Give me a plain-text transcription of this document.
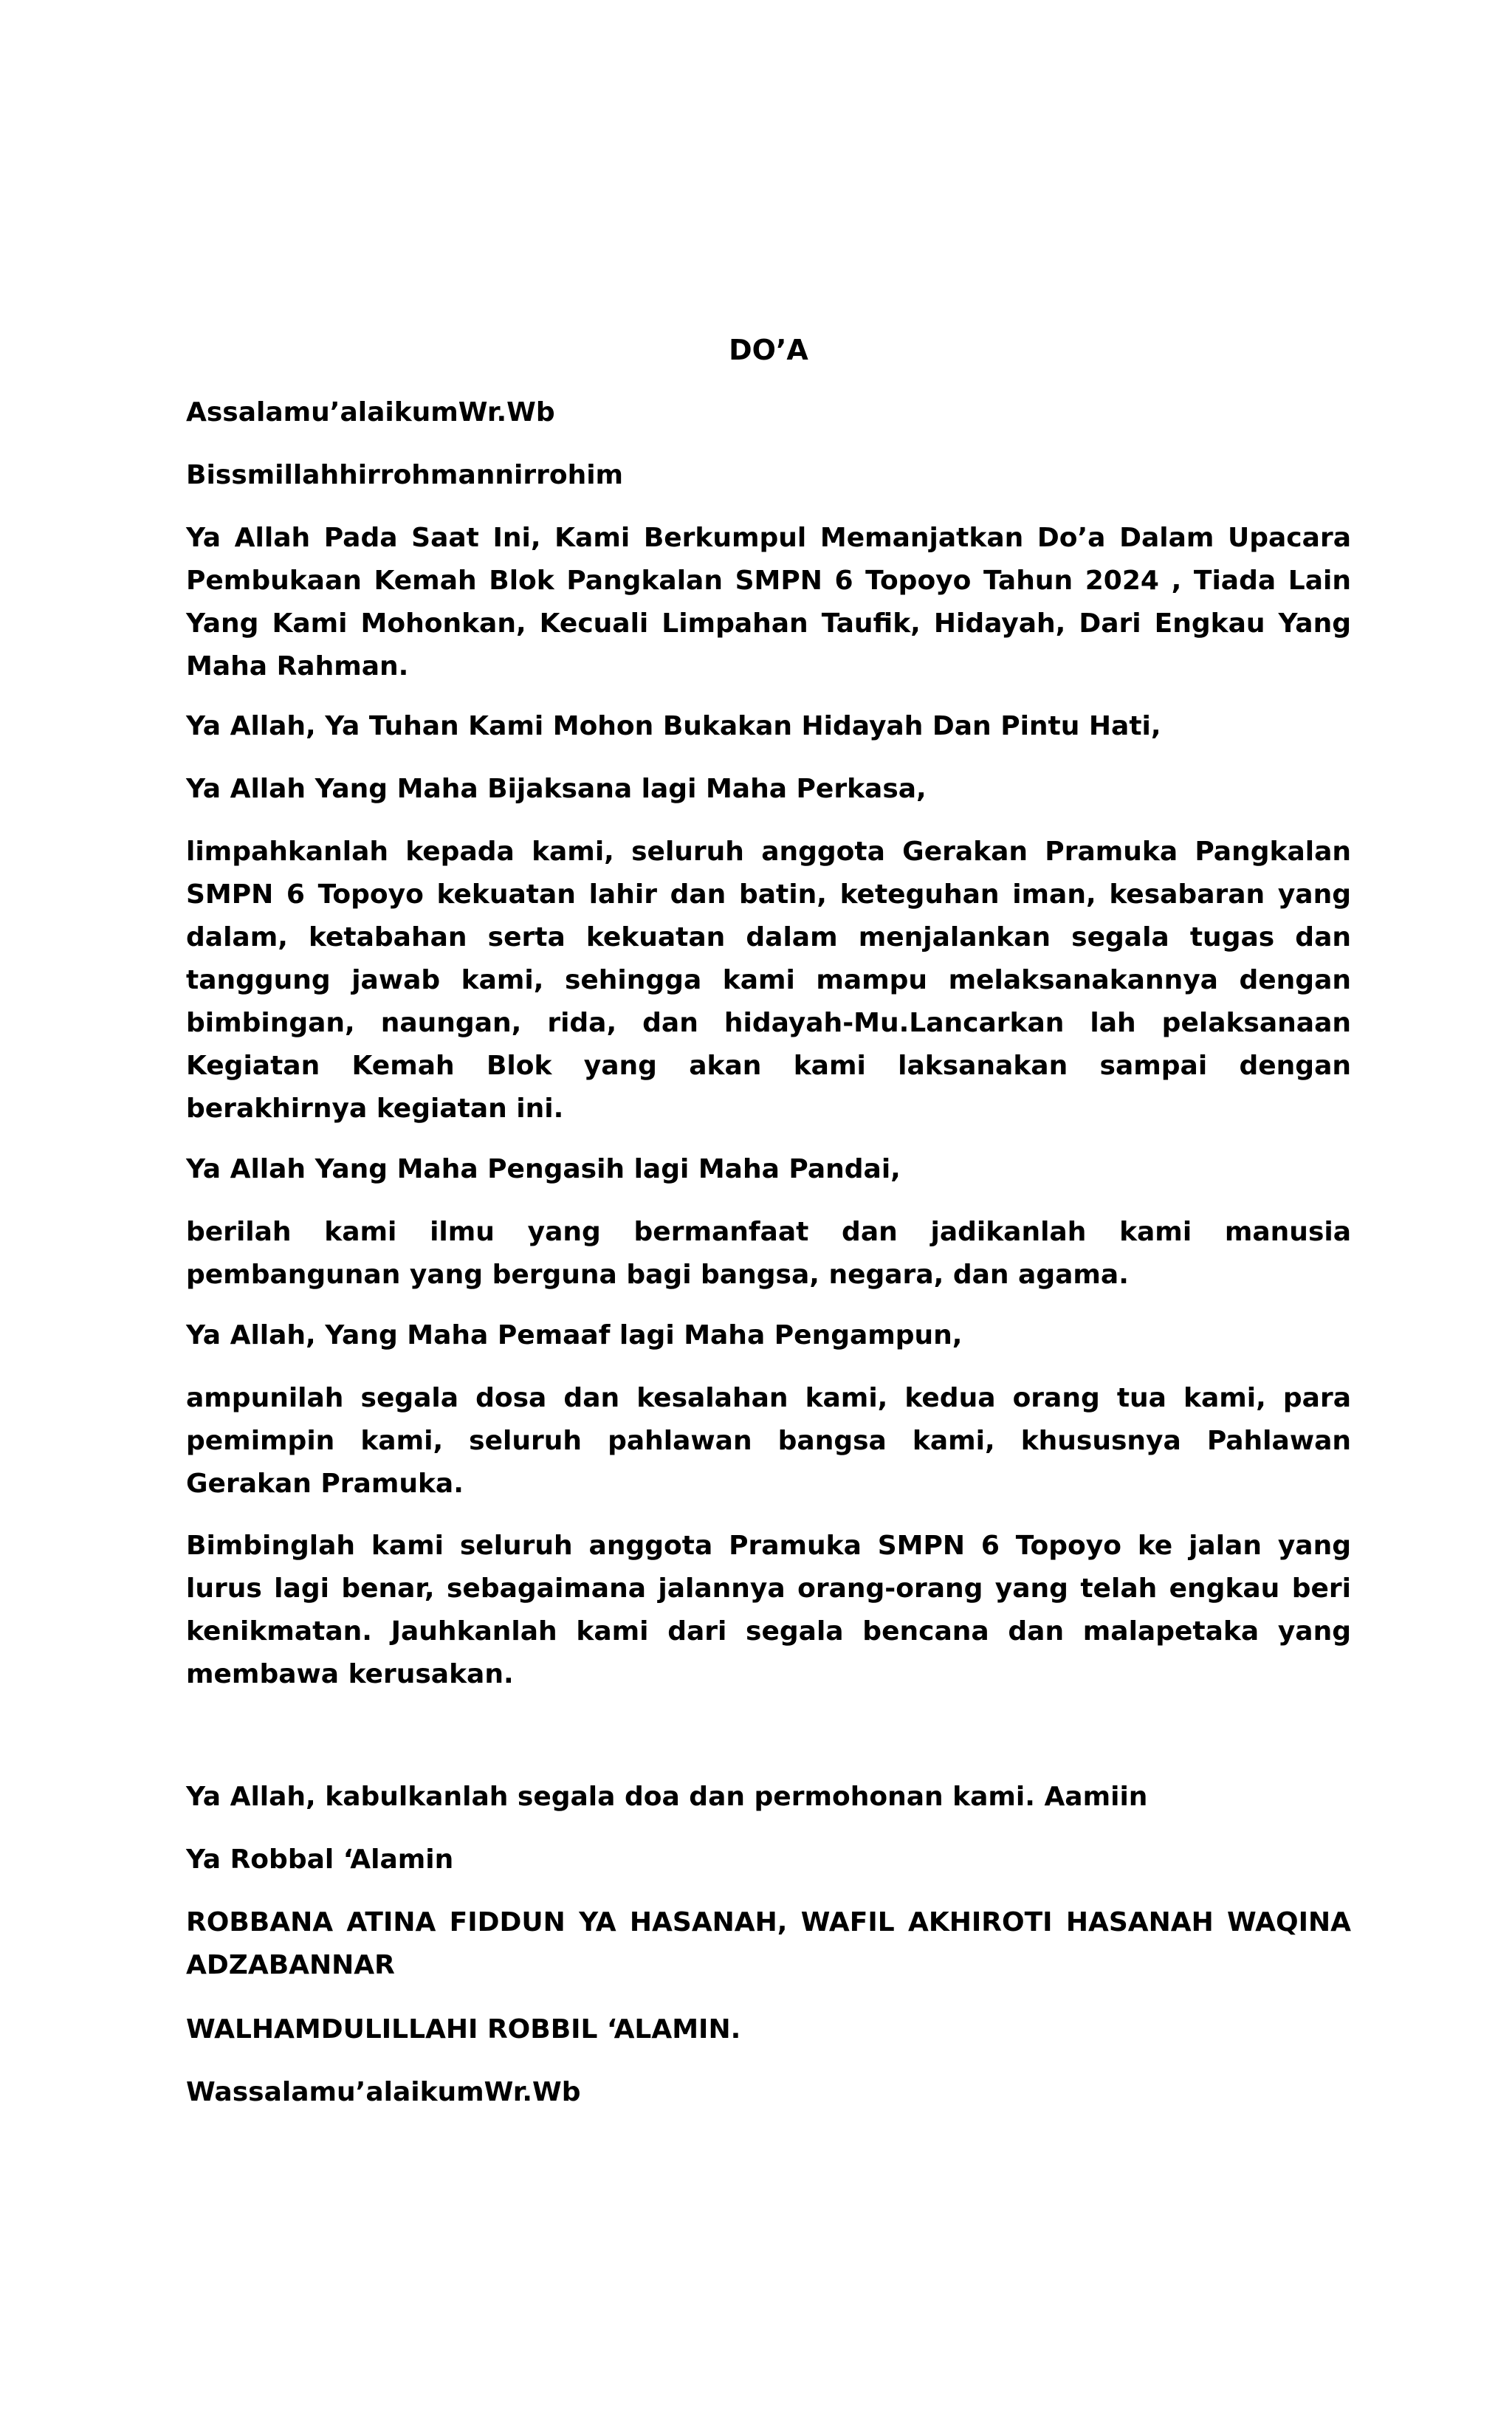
DO’A

Assalamu’alaikumWr.Wb

Bissmillahhirrohmannirrohim

Ya Allah Pada Saat Ini, Kami Berkumpul Memanjatkan Do’a Dalam Upacara Pembukaan Kemah Blok Pangkalan SMPN 6 Topoyo Tahun 2024 , Tiada Lain Yang Kami Mohonkan, Kecuali Limpahan Taufik, Hidayah, Dari Engkau Yang Maha Rahman.

Ya Allah, Ya Tuhan Kami Mohon Bukakan Hidayah Dan Pintu Hati,

Ya Allah Yang Maha Bijaksana lagi Maha Perkasa,

limpahkanlah kepada kami, seluruh anggota Gerakan Pramuka Pangkalan SMPN 6 Topoyo kekuatan lahir dan batin, keteguhan iman, kesabaran yang dalam, ketabahan serta kekuatan dalam menjalankan segala tugas dan tanggung jawab kami, sehingga kami mampu melaksanakannya dengan bimbingan, naungan, rida, dan hidayah-Mu.Lancarkan lah pelaksanaan Kegiatan Kemah Blok yang akan kami laksanakan sampai dengan berakhirnya kegiatan ini.

Ya Allah Yang Maha Pengasih lagi Maha Pandai,

berilah kami ilmu yang bermanfaat dan jadikanlah kami manusia pembangunan yang berguna bagi bangsa, negara, dan agama.

Ya Allah, Yang Maha Pemaaf lagi Maha Pengampun,

ampunilah segala dosa dan kesalahan kami, kedua orang tua kami, para pemimpin kami, seluruh pahlawan bangsa kami, khususnya Pahlawan Gerakan Pramuka.

Bimbinglah kami seluruh anggota Pramuka SMPN 6 Topoyo ke jalan yang lurus lagi benar, sebagaimana jalannya orang-orang yang telah engkau beri kenikmatan. Jauhkanlah kami dari segala bencana dan malapetaka yang membawa kerusakan.

Ya Allah, kabulkanlah segala doa dan permohonan kami. Aamiin

Ya Robbal ‘Alamin

ROBBANA ATINA FIDDUN YA HASANAH, WAFIL AKHIROTI HASANAH WAQINA ADZABANNAR

WALHAMDULILLAHI ROBBIL ‘ALAMIN.

Wassalamu’alaikumWr.Wb
